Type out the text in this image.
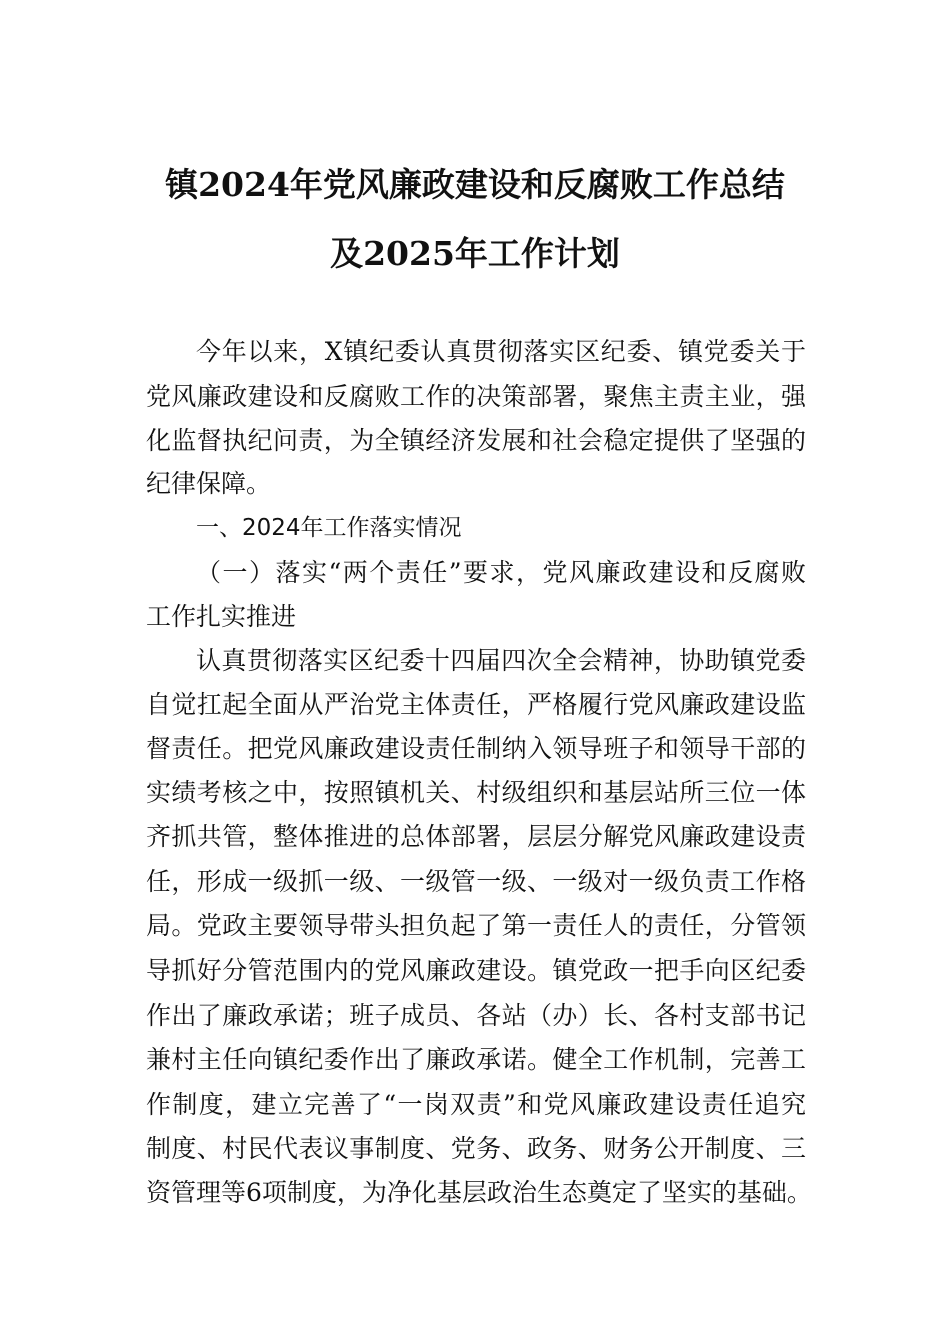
镇2024年党风廉政建设和反腐败工作总结
及2025年工作计划
今年以来，X镇纪委认真贯彻落实区纪委、镇党委关于
党风廉政建设和反腐败工作的决策部署，聚焦主责主业，强
化监督执纪问责，为全镇经济发展和社会稳定提供了坚强的
纪律保障。
一、2024年工作落实情况
（一）落实“两个责任”要求，党风廉政建设和反腐败
工作扎实推进
认真贯彻落实区纪委十四届四次全会精神，协助镇党委
自觉扛起全面从严治党主体责任，严格履行党风廉政建设监
督责任。把党风廉政建设责任制纳入领导班子和领导干部的
实绩考核之中，按照镇机关、村级组织和基层站所三位一体
齐抓共管，整体推进的总体部署，层层分解党风廉政建设责
任，形成一级抓一级、一级管一级、一级对一级负责工作格
局。党政主要领导带头担负起了第一责任人的责任，分管领
导抓好分管范围内的党风廉政建设。镇党政一把手向区纪委
作出了廉政承诺；班子成员、各站（办）长、各村支部书记
兼村主任向镇纪委作出了廉政承诺。健全工作机制，完善工
作制度，建立完善了“一岗双责”和党风廉政建设责任追究
制度、村民代表议事制度、党务、政务、财务公开制度、三
资管理等6项制度，为净化基层政治生态奠定了坚实的基础。
